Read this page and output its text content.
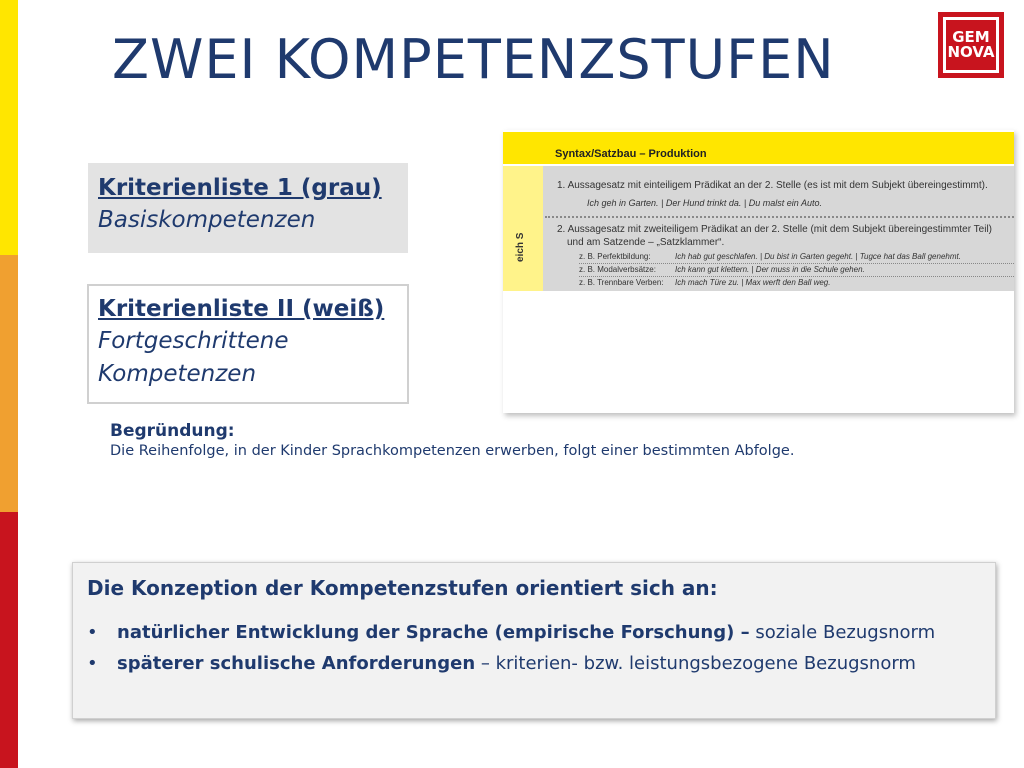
ZWEI KOMPETENZSTUFEN	GEM
NOVA
Kriterienliste 1 (grau)
Basiskompetenzen
Kriterienliste II (weiß)
Fortgeschrittene
Kompetenzen
Syntax/Satzbau – Produktion
eich S
1. Aussagesatz mit einteiligem Prädikat an der 2. Stelle (es ist mit dem Subjekt übereingestimmt).
Ich geh in Garten. | Der Hund trinkt da. | Du malst ein Auto.
2. Aussagesatz mit zweiteiligem Prädikat an der 2. Stelle (mit dem Subjekt übereingestimmter Teil)
und am Satzende – „Satzklammer“.
z. B. Perfektbildung:	Ich hab gut geschlafen. | Du bist in Garten gegeht. | Tugce hat das Ball genehmt.
z. B. Modalverbsätze: Ich kann gut klettern. | Der muss in die Schule gehen.
z. B. Trennbare Verben: Ich mach Türe zu. | Max werft den Ball weg.
Begründung:
Die Reihenfolge, in der Kinder Sprachkompetenzen erwerben, folgt einer bestimmten Abfolge.
Die Konzeption der Kompetenzstufen orientiert sich an:
• natürlicher Entwicklung der Sprache (empirische Forschung) – soziale Bezugsnorm
• späterer schulische Anforderungen – kriterien- bzw. leistungsbezogene Bezugsnorm
